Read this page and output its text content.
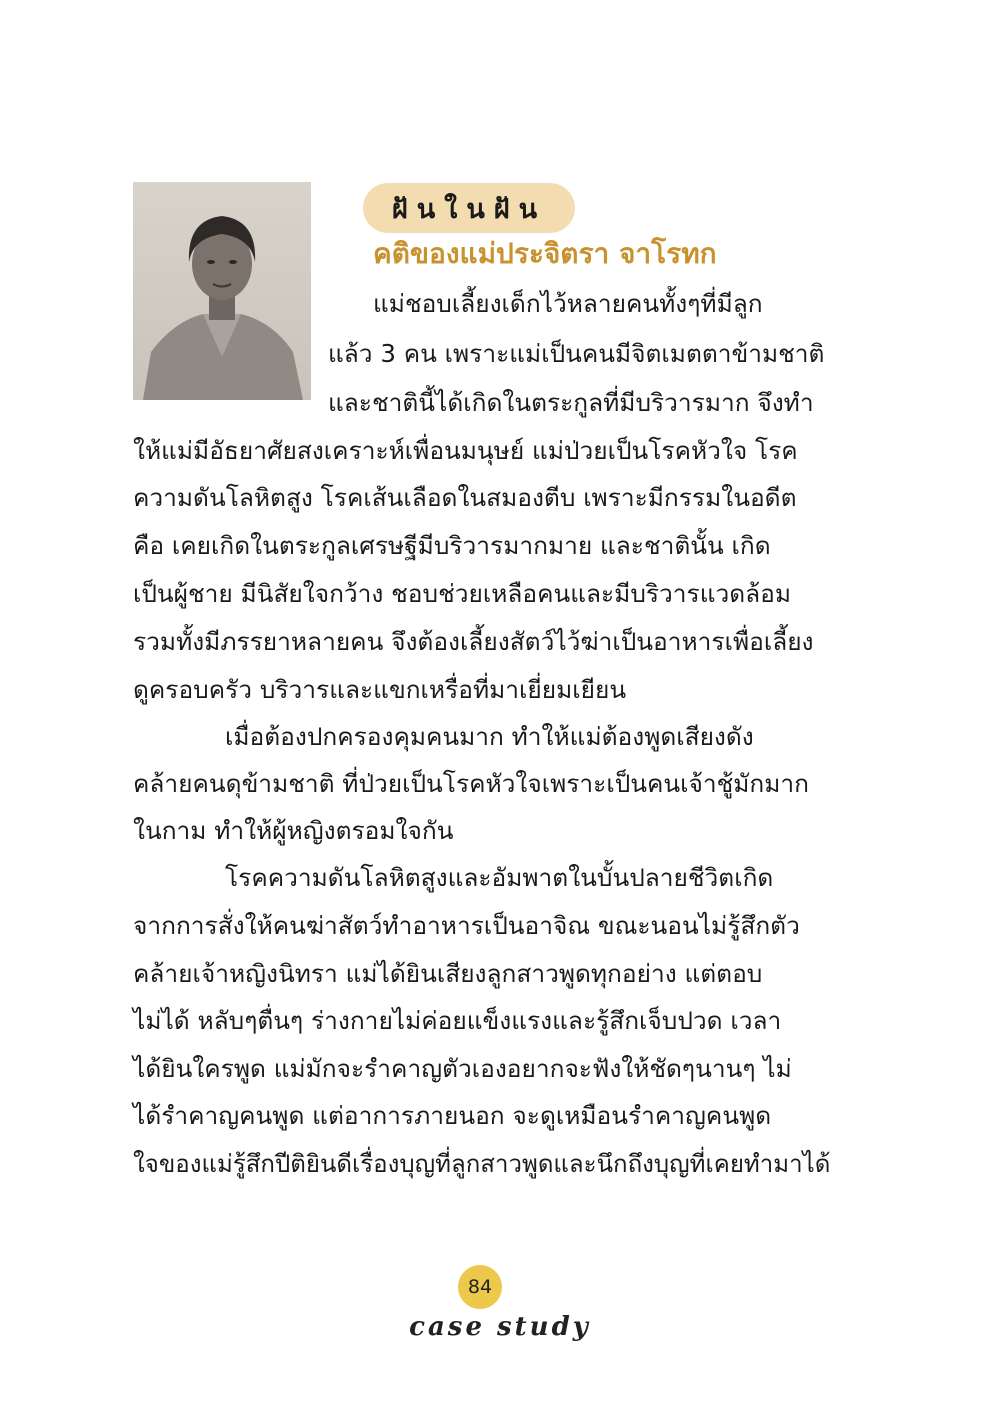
ฝันในฝัน
คติของแม่ประจิตรา จาโรทก
แม่ชอบเลี้ยงเด็กไว้หลายคนทั้งๆที่มีลูก
แล้ว 3 คน เพราะแม่เป็นคนมีจิตเมตตาข้ามชาติ
และชาตินี้ได้เกิดในตระกูลที่มีบริวารมาก จึงทำ
ให้แม่มีอัธยาศัยสงเคราะห์เพื่อนมนุษย์ แม่ป่วยเป็นโรคหัวใจ โรค
ความดันโลหิตสูง โรคเส้นเลือดในสมองตีบ เพราะมีกรรมในอดีต
คือ เคยเกิดในตระกูลเศรษฐีมีบริวารมากมาย และชาตินั้น เกิด
เป็นผู้ชาย มีนิสัยใจกว้าง ชอบช่วยเหลือคนและมีบริวารแวดล้อม
รวมทั้งมีภรรยาหลายคน จึงต้องเลี้ยงสัตว์ไว้ฆ่าเป็นอาหารเพื่อเลี้ยง
ดูครอบครัว บริวารและแขกเหรื่อที่มาเยี่ยมเยียน
เมื่อต้องปกครองคุมคนมาก ทำให้แม่ต้องพูดเสียงดัง
คล้ายคนดุข้ามชาติ ที่ป่วยเป็นโรคหัวใจเพราะเป็นคนเจ้าชู้มักมาก
ในกาม ทำให้ผู้หญิงตรอมใจกัน
โรคความดันโลหิตสูงและอัมพาตในบั้นปลายชีวิตเกิด
จากการสั่งให้คนฆ่าสัตว์ทำอาหารเป็นอาจิณ ขณะนอนไม่รู้สึกตัว
คล้ายเจ้าหญิงนิทรา แม่ได้ยินเสียงลูกสาวพูดทุกอย่าง แต่ตอบ
ไม่ได้ หลับๆตื่นๆ ร่างกายไม่ค่อยแข็งแรงและรู้สึกเจ็บปวด เวลา
ได้ยินใครพูด แม่มักจะรำคาญตัวเองอยากจะฟังให้ชัดๆนานๆ ไม่
ได้รำคาญคนพูด แต่อาการภายนอก จะดูเหมือนรำคาญคนพูด
ใจของแม่รู้สึกปีติยินดีเรื่องบุญที่ลูกสาวพูดและนึกถึงบุญที่เคยทำมาได้
84
case study
